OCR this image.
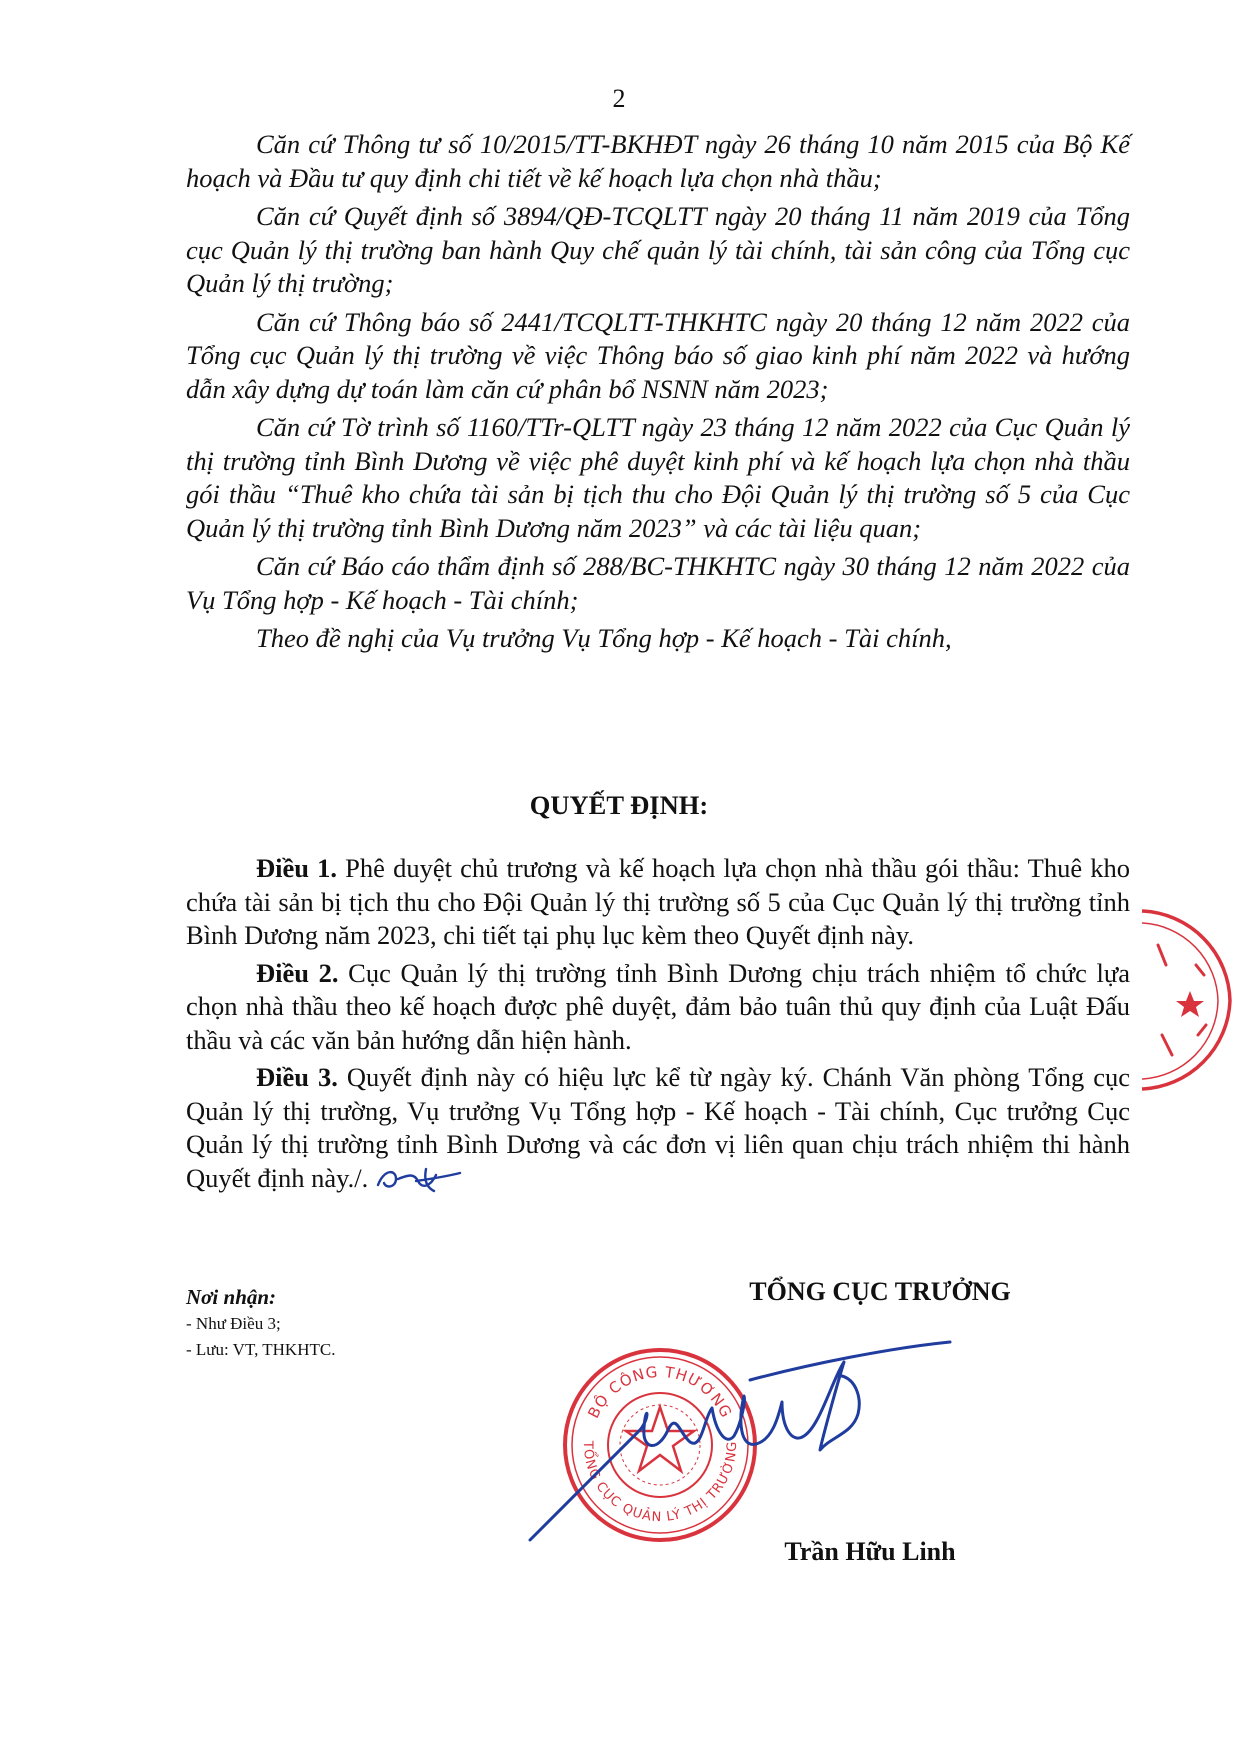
2

Căn cứ Thông tư số 10/2015/TT-BKHĐT ngày 26 tháng 10 năm 2015 của Bộ Kế hoạch và Đầu tư quy định chi tiết về kế hoạch lựa chọn nhà thầu;

Căn cứ Quyết định số 3894/QĐ-TCQLTT ngày 20 tháng 11 năm 2019 của Tổng cục Quản lý thị trường ban hành Quy chế quản lý tài chính, tài sản công của Tổng cục Quản lý thị trường;

Căn cứ Thông báo số 2441/TCQLTT-THKHTC ngày 20 tháng 12 năm 2022 của Tổng cục Quản lý thị trường về việc Thông báo số giao kinh phí năm 2022 và hướng dẫn xây dựng dự toán làm căn cứ phân bổ NSNN năm 2023;

Căn cứ Tờ trình số 1160/TTr-QLTT ngày 23 tháng 12 năm 2022 của Cục Quản lý thị trường tỉnh Bình Dương về việc phê duyệt kinh phí và kế hoạch lựa chọn nhà thầu gói thầu “Thuê kho chứa tài sản bị tịch thu cho Đội Quản lý thị trường số 5 của Cục Quản lý thị trường tỉnh Bình Dương năm 2023” và các tài liệu quan;

Căn cứ Báo cáo thẩm định số 288/BC-THKHTC ngày 30 tháng 12 năm 2022 của Vụ Tổng hợp - Kế hoạch - Tài chính;

Theo đề nghị của Vụ trưởng Vụ Tổng hợp - Kế hoạch - Tài chính,

QUYẾT ĐỊNH:

Điều 1. Phê duyệt chủ trương và kế hoạch lựa chọn nhà thầu gói thầu: Thuê kho chứa tài sản bị tịch thu cho Đội Quản lý thị trường số 5 của Cục Quản lý thị trường tỉnh Bình Dương năm 2023, chi tiết tại phụ lục kèm theo Quyết định này.

Điều 2. Cục Quản lý thị trường tỉnh Bình Dương chịu trách nhiệm tổ chức lựa chọn nhà thầu theo kế hoạch được phê duyệt, đảm bảo tuân thủ quy định của Luật Đấu thầu và các văn bản hướng dẫn hiện hành.

Điều 3. Quyết định này có hiệu lực kể từ ngày ký. Chánh Văn phòng Tổng cục Quản lý thị trường, Vụ trưởng Vụ Tổng hợp - Kế hoạch - Tài chính, Cục trưởng Cục Quản lý thị trường tỉnh Bình Dương và các đơn vị liên quan chịu trách nhiệm thi hành Quyết định này./.

Nơi nhận:
- Như Điều 3;
- Lưu: VT, THKHTC.
TỔNG CỤC TRƯỞNG
BỘ CÔNG THƯƠNG
TỔNG CỤC QUẢN LÝ THỊ TRƯỜNG
Trần Hữu Linh
